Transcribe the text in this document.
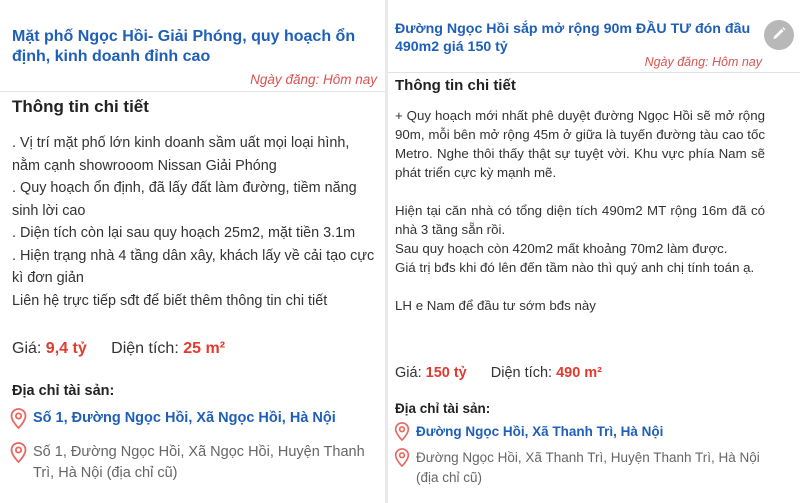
Mặt phố Ngọc Hồi- Giải Phóng, quy hoạch ổn định, kinh doanh đỉnh cao
Ngày đăng: Hôm nay
Thông tin chi tiết

. Vị trí mặt phố lớn kinh doanh sầm uất mọi loại hình, nằm cạnh showrooom Nissan Giải Phóng

. Quy hoạch ổn định, đã lấy đất làm đường, tiềm năng sinh lời cao

. Diện tích còn lại sau quy hoạch 25m2, mặt tiền 3.1m

. Hiện trạng nhà 4 tầng dân xây, khách lấy về cải tạo cực kì đơn giản

Liên hệ trực tiếp sđt để biết thêm thông tin chi tiết

Giá: 9,4 tỷ Diện tích: 25 m²
Địa chỉ tài sản:
Số 1, Đường Ngọc Hồi, Xã Ngọc Hồi, Hà Nội
Số 1, Đường Ngọc Hồi, Xã Ngọc Hồi, Huyện Thanh Trì, Hà Nội (địa chỉ cũ)
Đường Ngọc Hồi sắp mở rộng 90m ĐẦU TƯ đón đầu 490m2 giá 150 tỷ
Ngày đăng: Hôm nay
Thông tin chi tiết

+ Quy hoạch mới nhất phê duyệt đường Ngọc Hồi sẽ mở rộng 90m, mỗi bên mở rộng 45m ở giữa là tuyến đường tàu cao tốc Metro. Nghe thôi thấy thật sự tuyệt vời. Khu vực phía Nam sẽ phát triển cực kỳ mạnh mẽ.

Hiện tại căn nhà có tổng diện tích 490m2 MT rộng 16m đã có nhà 3 tầng sẵn rồi.

Sau quy hoạch còn 420m2 mất khoảng 70m2 làm được.

Giá trị bđs khi đó lên đến tầm nào thì quý anh chị tính toán ạ.

LH e Nam để đầu tư sớm bđs này

Giá: 150 tỷ Diện tích: 490 m²
Địa chỉ tài sản:
Đường Ngọc Hồi, Xã Thanh Trì, Hà Nội
Đường Ngọc Hồi, Xã Thanh Trì, Huyện Thanh Trì, Hà Nội (địa chỉ cũ)
